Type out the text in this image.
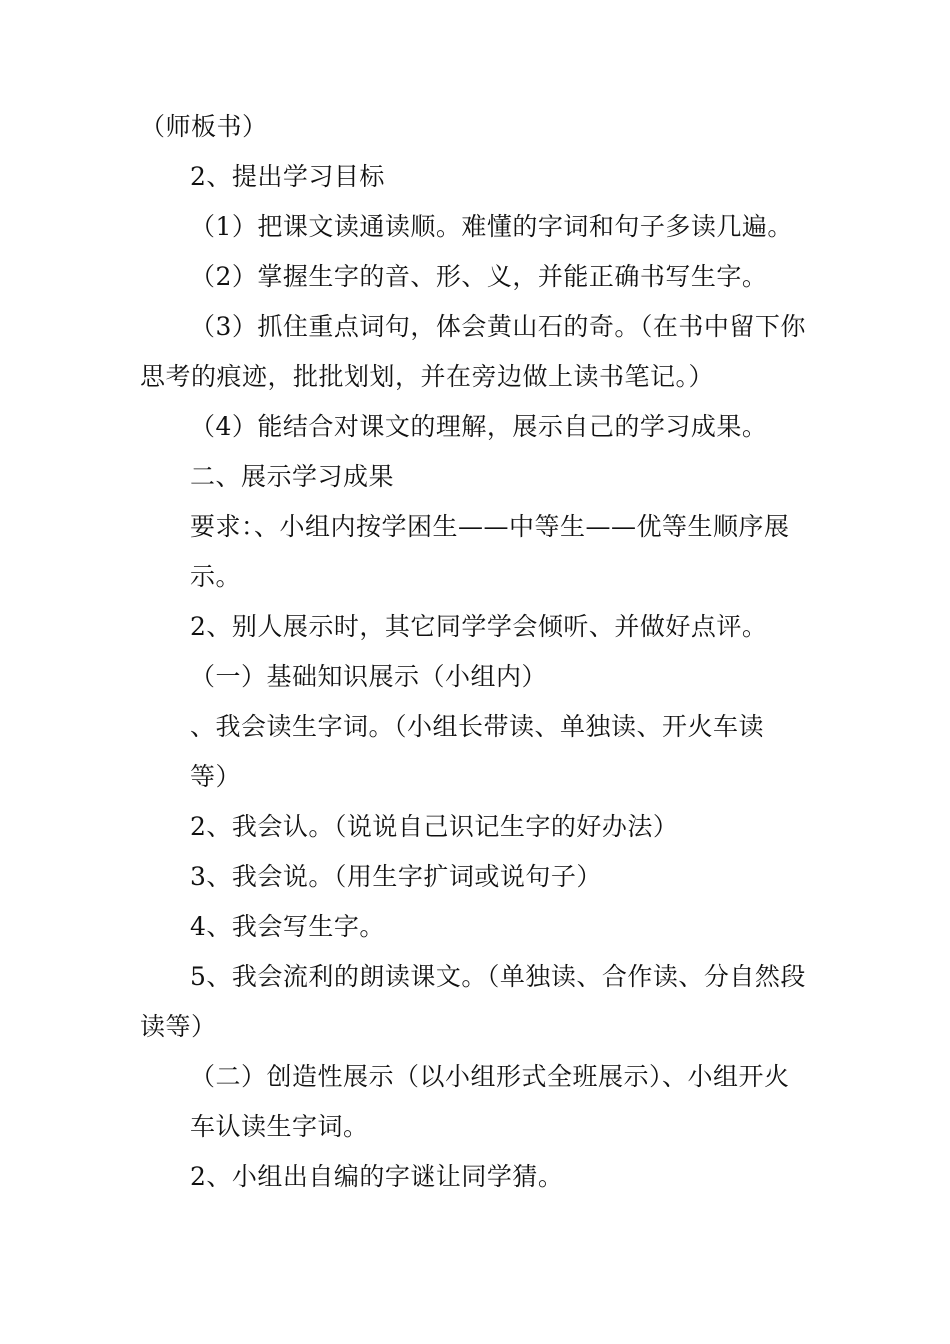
（师板书）
2、提出学习目标
（1）把课文读通读顺。难懂的字词和句子多读几遍。
（2）掌握生字的音、形、义，并能正确书写生字。
（3）抓住重点词句，体会黄山石的奇。（在书中留下你
思考的痕迹，批批划划，并在旁边做上读书笔记。）
（4）能结合对课文的理解，展示自己的学习成果。
二、展示学习成果
要求：、小组内按学困生——中等生——优等生顺序展
示。
2、别人展示时，其它同学学会倾听、并做好点评。
（一）基础知识展示（小组内）
、我会读生字词。（小组长带读、单独读、开火车读
等）
2、我会认。（说说自己识记生字的好办法）
3、我会说。（用生字扩词或说句子）
4、我会写生字。
5、我会流利的朗读课文。（单独读、合作读、分自然段
读等）
（二）创造性展示（以小组形式全班展示）、小组开火
车认读生字词。
2、小组出自编的字谜让同学猜。
